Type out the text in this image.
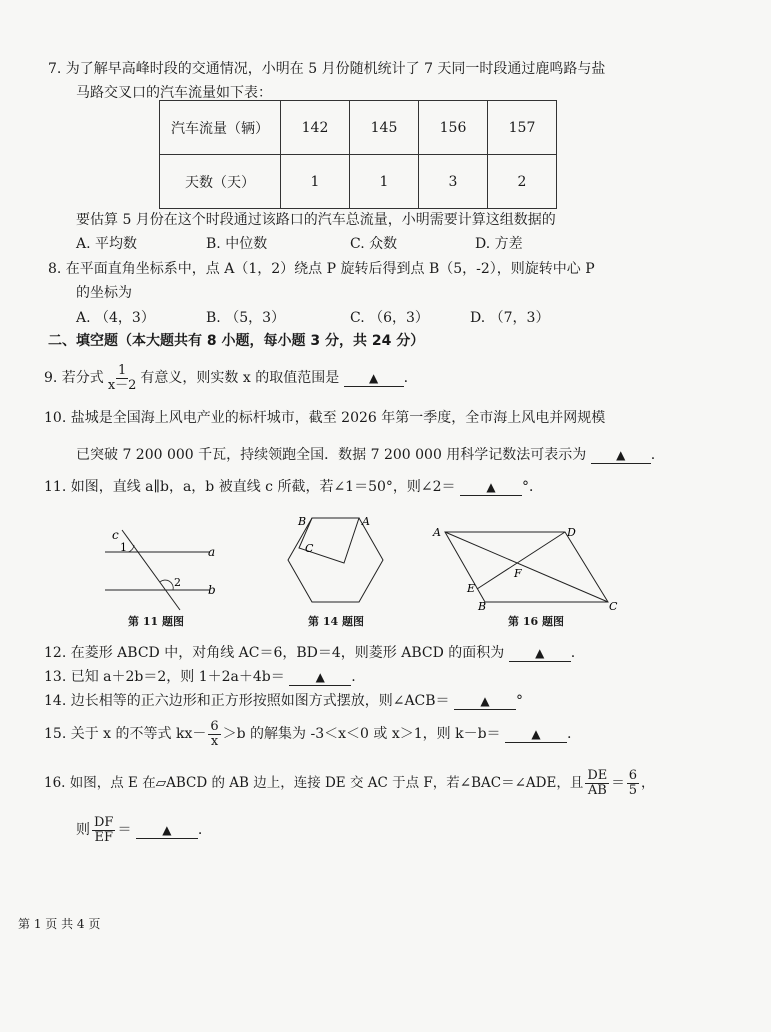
7. 为了解早高峰时段的交通情况，小明在 5 月份随机统计了 7 天同一时段通过鹿鸣路与盐
马路交叉口的汽车流量如下表：
汽车流量（辆）	142	145	156	157
天数（天）	1	1	3	2
要估算 5 月份在这个时段通过该路口的汽车总流量，小明需要计算这组数据的
A. 平均数	B. 中位数	C. 众数	D. 方差
8. 在平面直角坐标系中，点 A（1，2）绕点 P 旋转后得到点 B（5，-2），则旋转中心 P
的坐标为
A. （4，3）	B. （5，3）	C. （6，3）	D. （7，3）
二、填空题（本大题共有 8 小题，每小题 3 分，共 24 分）
9. 若分式 $\frac{1}{x-2}$ 有意义，则实数 x 的取值范围是 ▲ .
10. 盐城是全国海上风电产业的标杆城市，截至 2026 年第一季度，全市海上风电并网规模
已突破 7 200 000 千瓦，持续领跑全国．数据 7 200 000 用科学记数法可表示为 ▲ .
11. 如图，直线 a∥b，a，b 被直线 c 所截，若∠1＝50°，则∠2＝	▲ °．
c
1
2
a
b
第 11 题图
B	A
C
第 14 题图
A	D
E
F
B	C
第 16 题图
12. 在菱形 ABCD 中，对角线 AC＝6，BD＝4，则菱形 ABCD 的面积为	▲ .
13. 已知 a＋2b＝2，则 1＋2a＋4b＝	▲ .
14. 边长相等的正六边形和正方形按照如图方式摆放，则∠ACB＝	▲ °
15. 关于 x 的不等式 $kx- \frac{6}{x} >b$ 的解集为 -3＜x＜0 或 x＞1，则 k－b＝	▲ .
16. 如图，点 E 在▱ABCD 的 AB 边上，连接 DE 交 AC 于点 F，若∠BAC＝∠ADE，且 $\frac{DE}{AB} = \frac{6}{5}$ ，
则 $\frac{DF}{EF}$ ＝	▲ .
第 1 页 共 4 页
